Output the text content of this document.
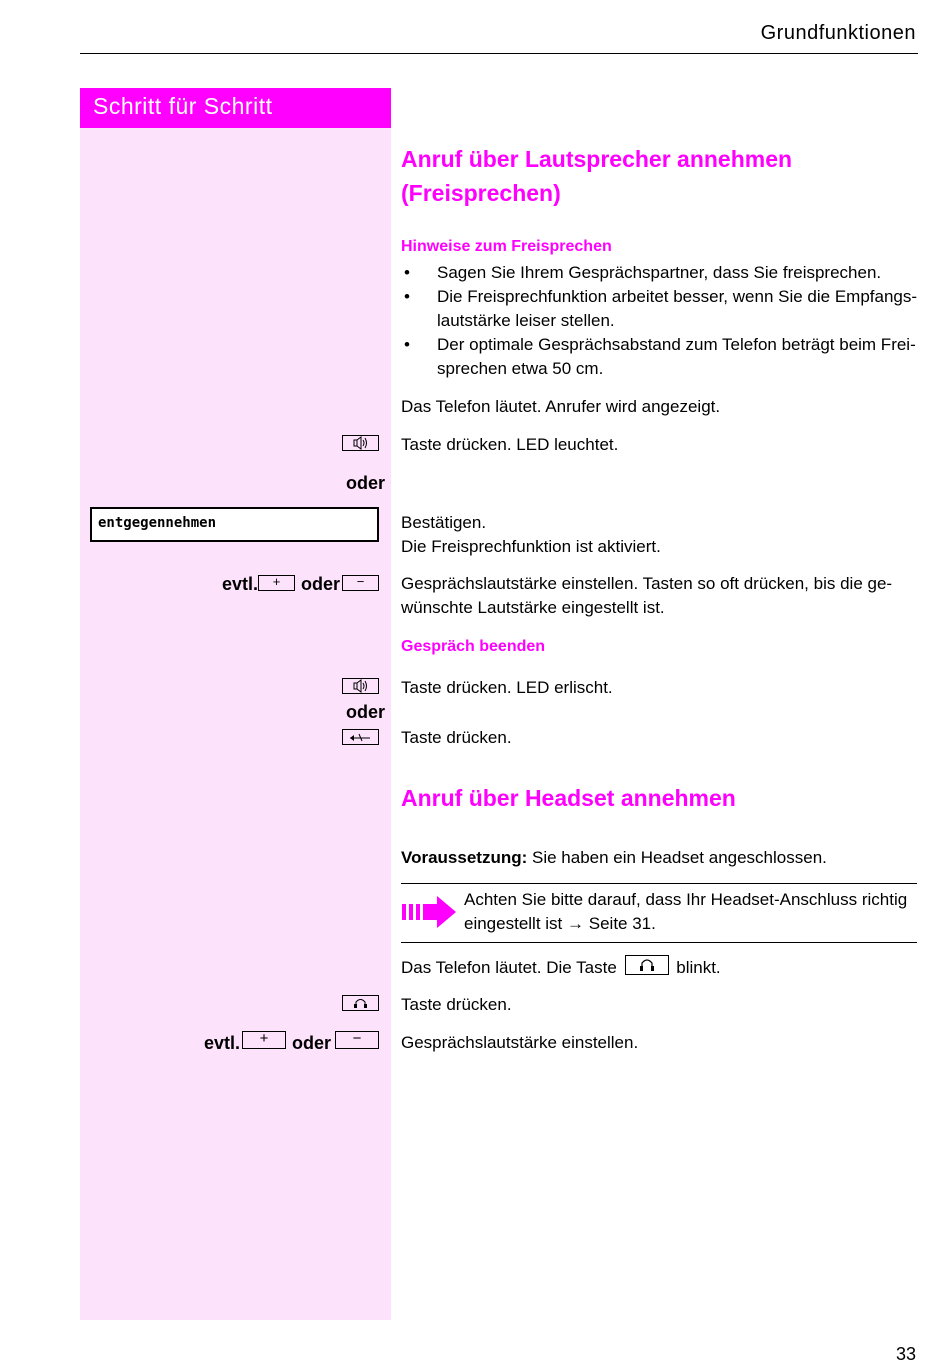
Grundfunktionen
Schritt für Schritt
Anruf über Lautsprecher annehmen
(Freisprechen)
Hinweise zum Freisprechen
• Sagen Sie Ihrem Gesprächspartner, dass Sie freisprechen.
• Die Freisprechfunktion arbeitet besser, wenn Sie die Empfangs-
lautstärke leiser stellen.
• Der optimale Gesprächsabstand zum Telefon beträgt beim Frei-
sprechen etwa 50 cm.
Das Telefon läutet. Anrufer wird angezeigt.
Taste drücken. LED leuchtet.
oder
entgegennehmen	Bestätigen.
Die Freisprechfunktion ist aktiviert.
evtl.	+	oder	−	Gesprächslautstärke einstellen. Tasten so oft drücken, bis die ge-
wünschte Lautstärke eingestellt ist.
Gespräch beenden
Taste drücken. LED erlischt.
oder
Taste drücken.
Anruf über Headset annehmen
Voraussetzung: Sie haben ein Headset angeschlossen.
Achten Sie bitte darauf, dass Ihr Headset-Anschluss richtig
eingestellt ist → Seite 31.
Das Telefon läutet. Die Taste	blinkt.
Taste drücken.
evtl.	+	oder	−	Gesprächslautstärke einstellen.
33
